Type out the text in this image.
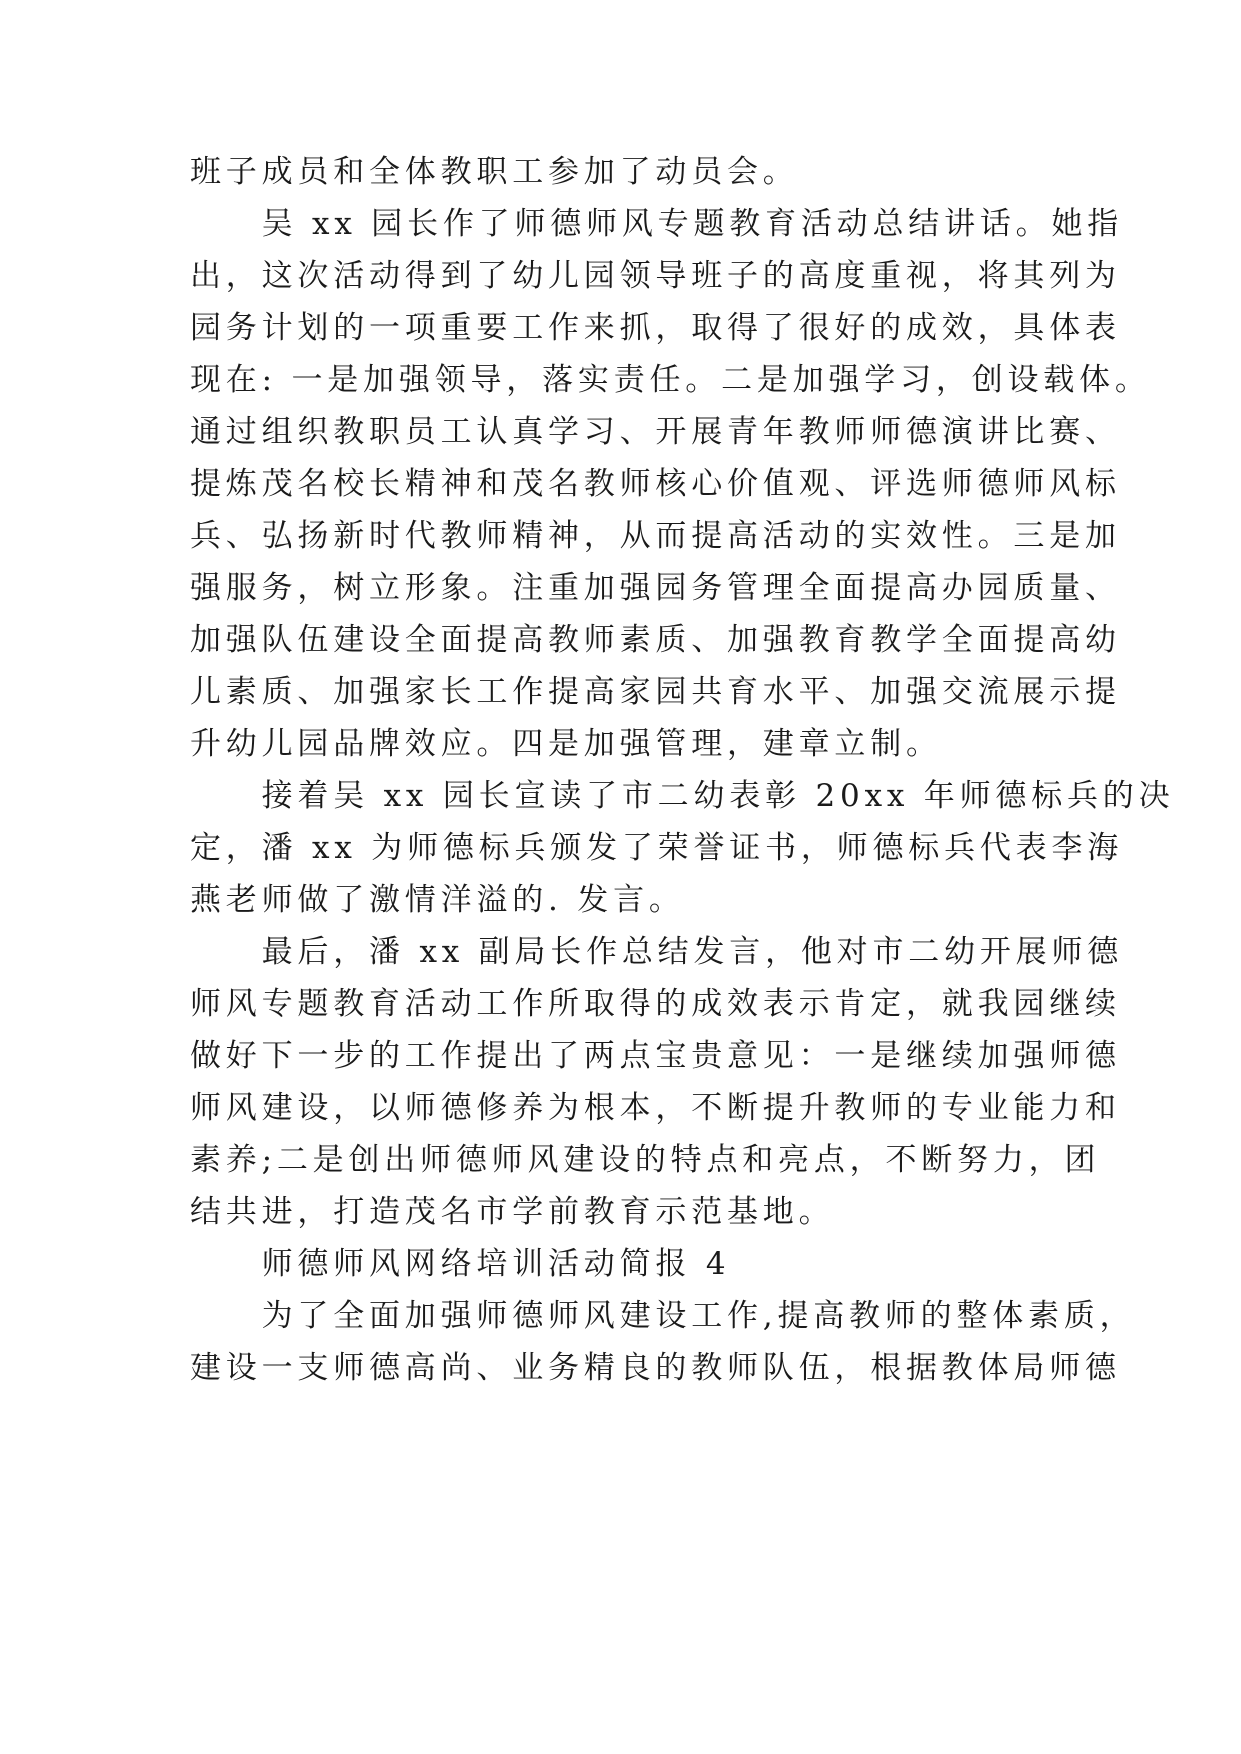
班子成员和全体教职工参加了动员会。
　　吴 xx 园长作了师德师风专题教育活动总结讲话。她指
出，这次活动得到了幼儿园领导班子的高度重视，将其列为
园务计划的一项重要工作来抓，取得了很好的成效，具体表
现在: 一是加强领导，落实责任。二是加强学习，创设载体。
通过组织教职员工认真学习、开展青年教师师德演讲比赛、
提炼茂名校长精神和茂名教师核心价值观、评选师德师风标
兵、弘扬新时代教师精神，从而提高活动的实效性。三是加
强服务，树立形象。注重加强园务管理全面提高办园质量、
加强队伍建设全面提高教师素质、加强教育教学全面提高幼
儿素质、加强家长工作提高家园共育水平、加强交流展示提
升幼儿园品牌效应。四是加强管理，建章立制。
　　接着吴 xx 园长宣读了市二幼表彰 20xx 年师德标兵的决
定，潘 xx 为师德标兵颁发了荣誉证书，师德标兵代表李海
燕老师做了激情洋溢的. 发言。
　　最后，潘 xx 副局长作总结发言，他对市二幼开展师德
师风专题教育活动工作所取得的成效表示肯定，就我园继续
做好下一步的工作提出了两点宝贵意见：一是继续加强师德
师风建设，以师德修养为根本，不断提升教师的专业能力和
素养;二是创出师德师风建设的特点和亮点，不断努力，团
结共进，打造茂名市学前教育示范基地。
　　师德师风网络培训活动简报 4
　　为了全面加强师德师风建设工作,提高教师的整体素质，
建设一支师德高尚、业务精良的教师队伍，根据教体局师德
